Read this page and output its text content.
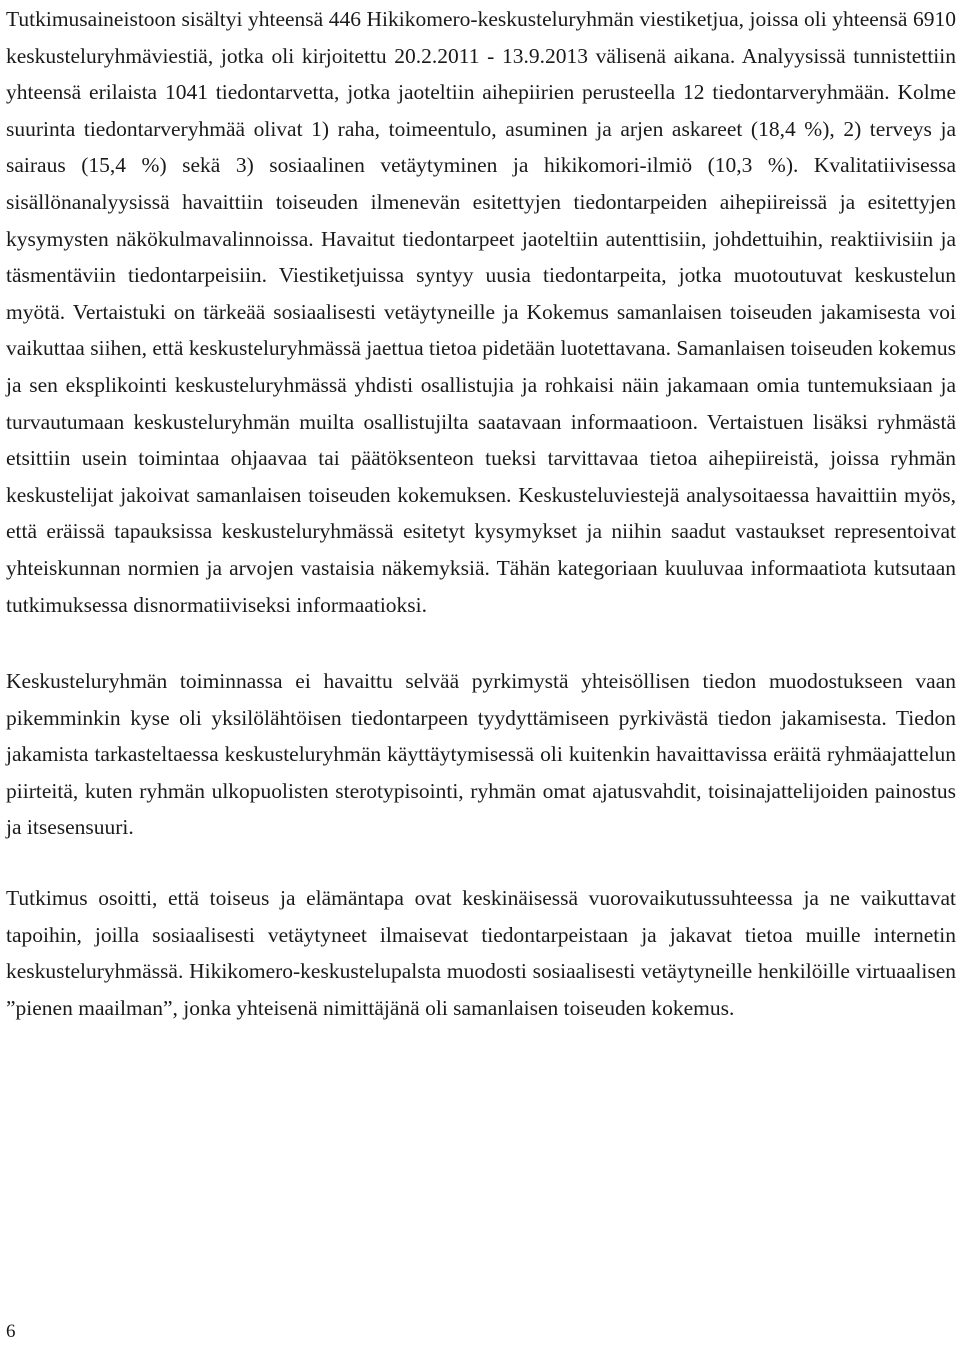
Tutkimusaineistoon sisältyi yhteensä 446 Hikikomero-keskusteluryhmän viestiketjua, joissa oli yhteensä 6910 keskusteluryhmäviestiä, jotka oli kirjoitettu 20.2.2011 - 13.9.2013 välisenä aikana. Analyysissä tunnistettiin yhteensä erilaista 1041 tiedontarvetta, jotka jaoteltiin aihepiirien perusteella 12 tiedontarveryhmään. Kolme suurinta tiedontarveryhmää olivat 1) raha, toimeentulo, asuminen ja arjen askareet (18,4 %), 2) terveys ja sairaus (15,4 %) sekä 3) sosiaalinen vetäytyminen ja hikikomori-ilmiö (10,3 %). Kvalitatiivisessa sisällönanalyysissä havaittiin toiseuden ilmenevän esitettyjen tiedontarpeiden aihepiireissä ja esitettyjen kysymysten näkökulmavalinnoissa. Havaitut tiedontarpeet jaoteltiin autenttisiin, johdettuihin, reaktiivisiin ja täsmentäviin tiedontarpeisiin. Viestiketjuissa syntyy uusia tiedontarpeita, jotka muotoutuvat keskustelun myötä. Vertaistuki on tärkeää sosiaalisesti vetäytyneille ja Kokemus samanlaisen toiseuden jakamisesta voi vaikuttaa siihen, että keskusteluryhmässä jaettua tietoa pidetään luotettavana. Samanlaisen toiseuden kokemus ja sen eksplikointi keskusteluryhmässä yhdisti osallistujia ja rohkaisi näin jakamaan omia tuntemuksiaan ja turvautumaan keskusteluryhmän muilta osallistujilta saatavaan informaatioon. Vertaistuen lisäksi ryhmästä etsittiin usein toimintaa ohjaavaa tai päätöksenteon tueksi tarvittavaa tietoa aihepiireistä, joissa ryhmän keskustelijat jakoivat samanlaisen toiseuden kokemuksen. Keskusteluviestejä analysoitaessa havaittiin myös, että eräissä tapauksissa keskusteluryhmässä esitetyt kysymykset ja niihin saadut vastaukset representoivat yhteiskunnan normien ja arvojen vastaisia näkemyksiä. Tähän kategoriaan kuuluvaa informaatiota kutsutaan tutkimuksessa disnormatiiviseksi informaatioksi.

Keskusteluryhmän toiminnassa ei havaittu selvää pyrkimystä yhteisöllisen tiedon muodostukseen vaan pikemminkin kyse oli yksilölähtöisen tiedontarpeen tyydyttämiseen pyrkivästä tiedon jakamisesta. Tiedon jakamista tarkasteltaessa keskusteluryhmän käyttäytymisessä oli kuitenkin havaittavissa eräitä ryhmäajattelun piirteitä, kuten ryhmän ulkopuolisten sterotypisointi, ryhmän omat ajatusvahdit, toisinajattelijoiden painostus ja itsesensuuri.

Tutkimus osoitti, että toiseus ja elämäntapa ovat keskinäisessä vuorovaikutussuhteessa ja ne vaikuttavat tapoihin, joilla sosiaalisesti vetäytyneet ilmaisevat tiedontarpeistaan ja jakavat tietoa muille internetin keskusteluryhmässä. Hikikomero-keskustelupalsta muodosti sosiaalisesti vetäytyneille henkilöille virtuaalisen ”pienen maailman”, jonka yhteisenä nimittäjänä oli samanlaisen toiseuden kokemus.

6
